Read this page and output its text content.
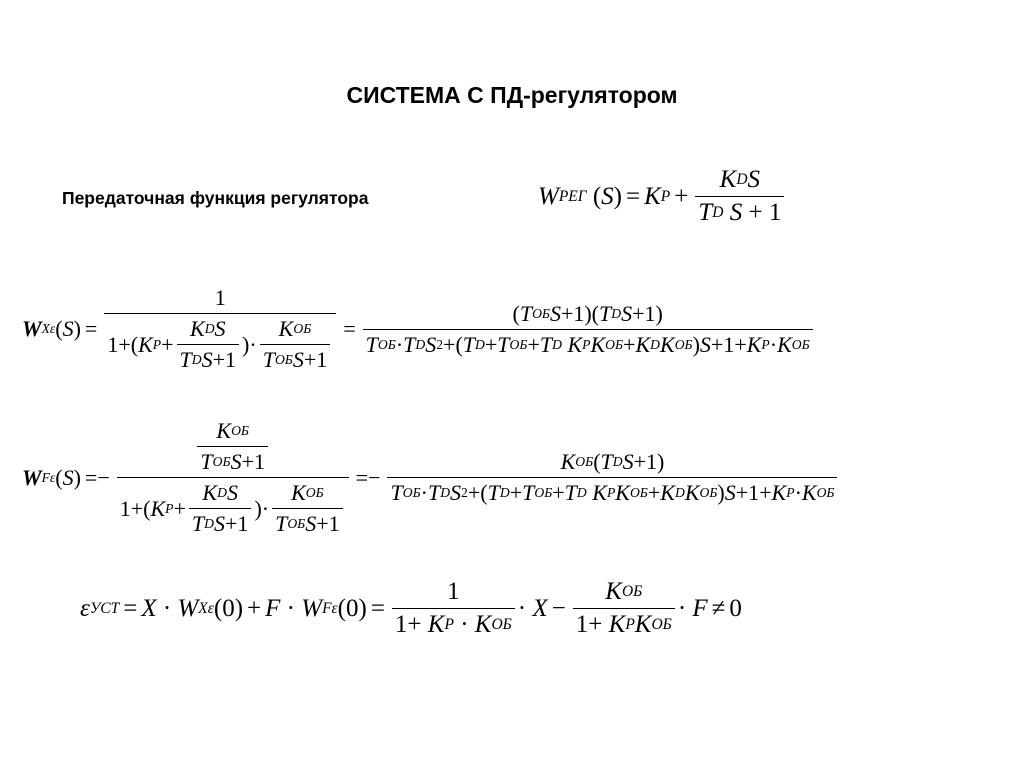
СИСТЕМА С ПД-регулятором
Передаточная функция регулятора	W РЕГ ( S ) = K P + K D S
T D
S + 1
W Xε ( S ) = $\frac{1}{1+( K P + \frac{\text{K D S}}{\text{T D S +1}} )\cdot \frac{\text{K ОБ}}{\text{T ОБ S +1}}}$ = ( T ОБ S +1)( T D S +1)
T ОБ · T D S 2 +( T D + T ОБ + T D
K P K ОБ + K D K ОБ ) S +1+ K P · K ОБ
W Fε ( S ) =− $\frac{\frac{\text{K ОБ}}{\text{T ОБ S +1}}}{1+( K P + \frac{\text{K D S}}{\text{T D S +1}} )\cdot \frac{\text{K ОБ}}{\text{T ОБ S +1}}} =- K$ ОБ ( T D S +1)
T ОБ · T D S 2 +( T D + T ОБ + T D
K P K ОБ + K D K ОБ ) S +1+ K P · K ОБ
ε УСТ = X · W Xε (0) + F · W Fε $(0) = \frac{1}{\text{1+ K P · K ОБ}} \cdot X - \frac{\text{K ОБ}}{\text{1+ K P K ОБ}} \cdot F \ne 0$
